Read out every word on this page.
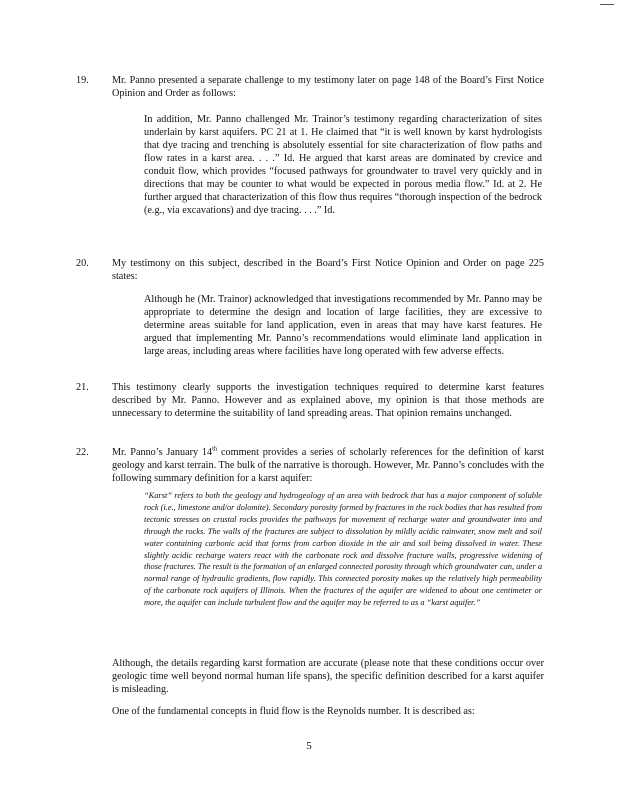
19. Mr. Panno presented a separate challenge to my testimony later on page 148 of the Board’s First Notice Opinion and Order as follows:
In addition, Mr. Panno challenged Mr. Trainor’s testimony regarding characterization of sites underlain by karst aquifers. PC 21 at 1. He claimed that “it is well known by karst hydrologists that dye tracing and trenching is absolutely essential for site characterization of flow paths and flow rates in a karst area. . . .” Id. He argued that karst areas are dominated by crevice and conduit flow, which provides “focused pathways for groundwater to travel very quickly and in directions that may be counter to what would be expected in porous media flow.” Id. at 2. He further argued that characterization of this flow thus requires “thorough inspection of the bedrock (e.g., via excavations) and dye tracing. . . .” Id.
20. My testimony on this subject, described in the Board’s First Notice Opinion and Order on page 225 states:
Although he (Mr. Trainor) acknowledged that investigations recommended by Mr. Panno may be appropriate to determine the design and location of large facilities, they are excessive to determine areas suitable for land application, even in areas that may have karst features. He argued that implementing Mr. Panno’s recommendations would eliminate land application in large areas, including areas where facilities have long operated with few adverse effects.
21. This testimony clearly supports the investigation techniques required to determine karst features described by Mr. Panno. However and as explained above, my opinion is that those methods are unnecessary to determine the suitability of land spreading areas. That opinion remains unchanged.
22. Mr. Panno’s January 14th comment provides a series of scholarly references for the definition of karst geology and karst terrain. The bulk of the narrative is thorough. However, Mr. Panno’s concludes with the following summary definition for a karst aquifer:
“Karst” refers to both the geology and hydrogeology of an area with bedrock that has a major component of soluble rock (i.e., limestone and/or dolomite). Secondary porosity formed by fractures in the rock bodies that has resulted from tectonic stresses on crustal rocks provides the pathways for movement of recharge water and groundwater into and through the rocks. The walls of the fractures are subject to dissolution by mildly acidic rainwater, snow melt and soil water containing carbonic acid that forms from carbon dioxide in the air and soil being dissolved in water. These slightly acidic recharge waters react with the carbonate rock and dissolve fracture walls, progressive widening of those fractures. The result is the formation of an enlarged connected porosity through which groundwater can, under a normal range of hydraulic gradients, flow rapidly. This connected porosity makes up the relatively high permeability of the carbonate rock aquifers of Illinois. When the fractures of the aquifer are widened to about one centimeter or more, the aquifer can include turbulent flow and the aquifer may be referred to as a “karst aquifer.”
Although, the details regarding karst formation are accurate (please note that these conditions occur over geologic time well beyond normal human life spans), the specific definition described for a karst aquifer is misleading.
One of the fundamental concepts in fluid flow is the Reynolds number. It is described as:
5
